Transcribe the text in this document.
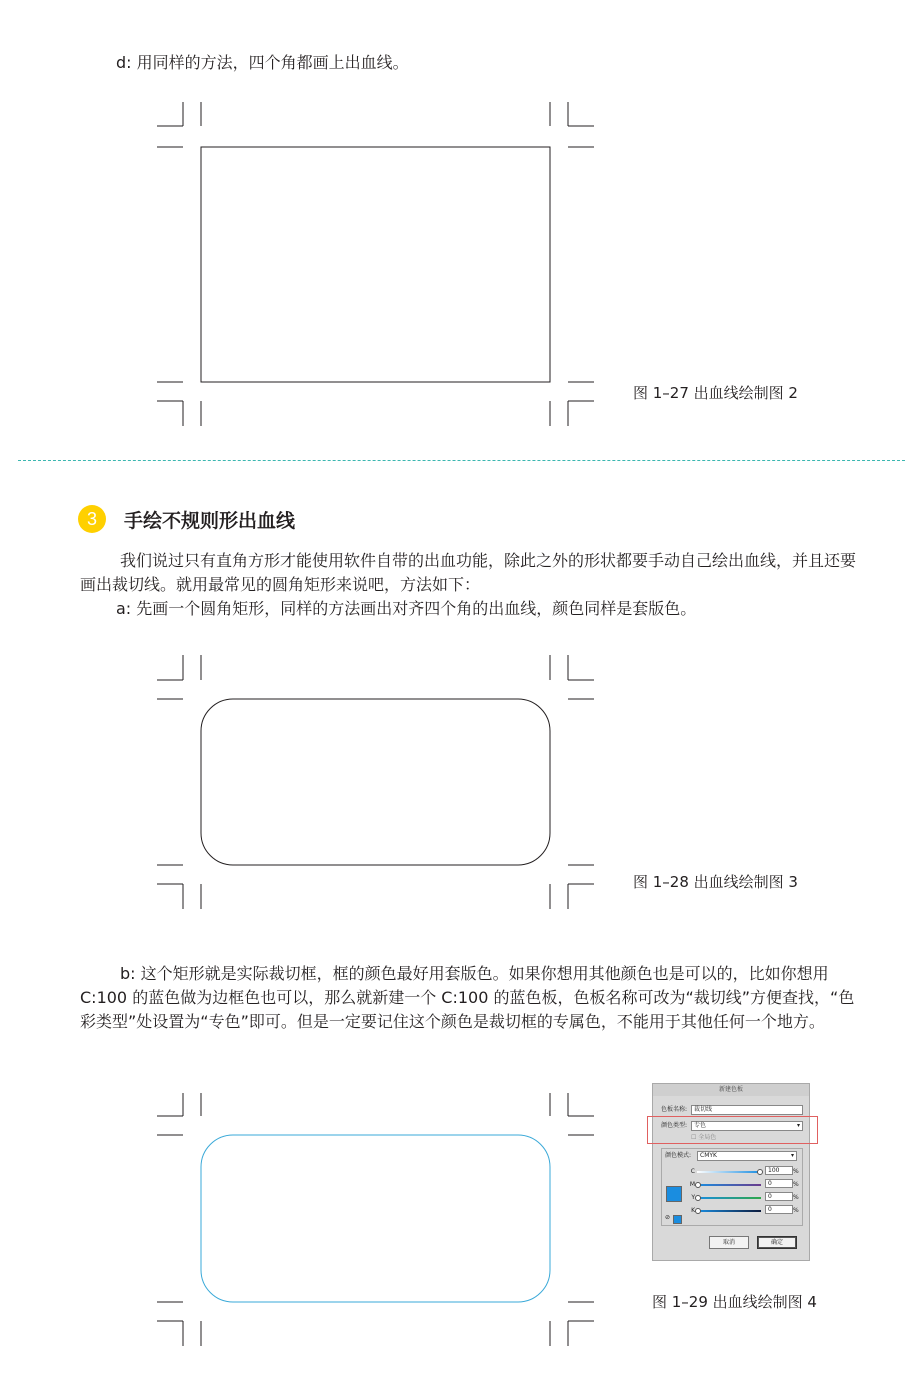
d: 用同样的方法，四个角都画上出血线。
图 1–27 出血线绘制图 2
3	手绘不规则形出血线
我们说过只有直角方形才能使用软件自带的出血功能，除此之外的形状都要手动自己绘出血线，并且还要画出裁切线。就用最常见的圆角矩形来说吧，方法如下：
a: 先画一个圆角矩形，同样的方法画出对齐四个角的出血线，颜色同样是套版色。
图 1–28 出血线绘制图 3
b: 这个矩形就是实际裁切框，框的颜色最好用套版色。如果你想用其他颜色也是可以的，比如你想用 C:100 的蓝色做为边框色也可以，那么就新建一个 C:100 的蓝色板，色板名称可改为“裁切线”方便查找，“色彩类型”处设置为“专色”即可。但是一定要记住这个颜色是裁切框的专属色，不能用于其他任何一个地方。
新建色板
色板名称:	裁切线
颜色类型:	专色 ▾
☐ 全局色
颜色模式:	CMYK ▾
⊘
C	100	%
M	0	%
Y	0	%
K	0	%
取消	确定
图 1–29 出血线绘制图 4
